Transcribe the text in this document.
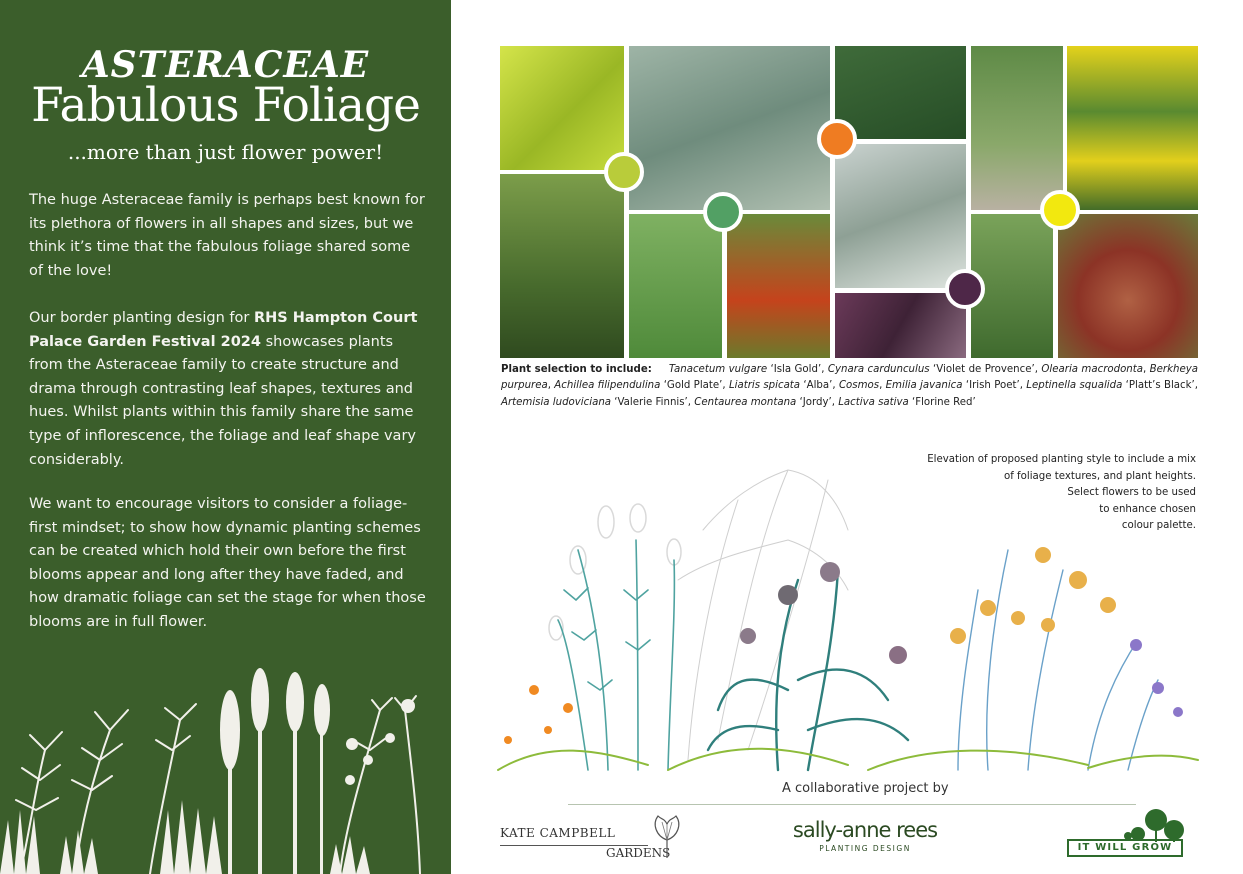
ASTERACEAE
Fabulous Foliage
...more than just flower power!

The huge Asteraceae family is perhaps best known for its plethora of flowers in all shapes and sizes, but we think it’s time that the fabulous foliage shared some of the love!

Our border planting design for RHS Hampton Court Palace Garden Festival 2024 showcases plants from the Asteraceae family to create structure and drama through contrasting leaf shapes, textures and hues. Whilst plants within this family share the same type of inflorescence, the foliage and leaf shape vary considerably.

We want to encourage visitors to consider a foliage-first mindset; to show how dynamic planting schemes can be created which hold their own before the first blooms appear and long after they have faded, and how dramatic foliage can set the stage for when those blooms are in full flower.

Plant selection to include: Tanacetum vulgare ‘Isla Gold’, Cynara cardunculus ‘Violet de Provence’, Olearia macrodonta, Berkheya purpurea, Achillea filipendulina ‘Gold Plate’, Liatris spicata ‘Alba’, Cosmos, Emilia javanica ‘Irish Poet’, Leptinella squalida ‘Platt’s Black’, Artemisia ludoviciana ‘Valerie Finnis’, Centaurea montana ‘Jordy’, Lactiva sativa ‘Florine Red’

Elevation of proposed planting style to include a mix
of foliage textures, and plant heights.
Select flowers to be used
to enhance chosen
colour palette.
A collaborative project by
KATE CAMPBELL
GARDENS
sally-anne rees
PLANTING DESIGN	IT WILL GROW
